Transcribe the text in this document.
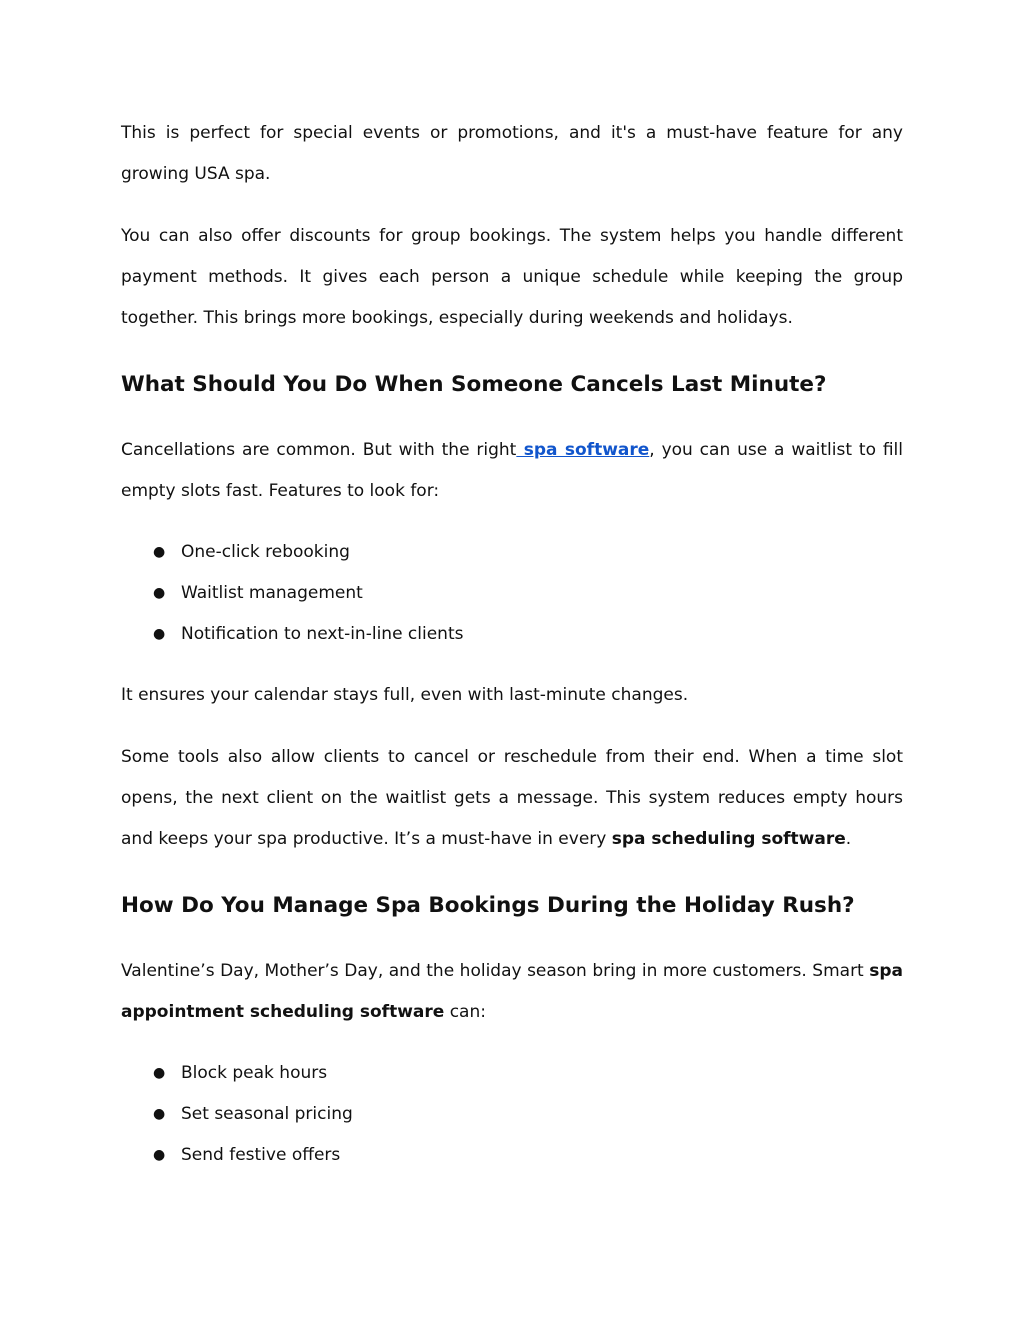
This is perfect for special events or promotions, and it's a must-have feature for any growing USA spa.

You can also offer discounts for group bookings. The system helps you handle different payment methods. It gives each person a unique schedule while keeping the group together. This brings more bookings, especially during weekends and holidays.

What Should You Do When Someone Cancels Last Minute?

Cancellations are common. But with the right spa software, you can use a waitlist to fill empty slots fast. Features to look for:

● One-click rebooking
● Waitlist management
● Notification to next-in-line clients

It ensures your calendar stays full, even with last-minute changes.

Some tools also allow clients to cancel or reschedule from their end. When a time slot opens, the next client on the waitlist gets a message. This system reduces empty hours and keeps your spa productive. It’s a must-have in every spa scheduling software.

How Do You Manage Spa Bookings During the Holiday Rush?

Valentine’s Day, Mother’s Day, and the holiday season bring in more customers. Smart spa appointment scheduling software can:

● Block peak hours
● Set seasonal pricing
● Send festive offers
